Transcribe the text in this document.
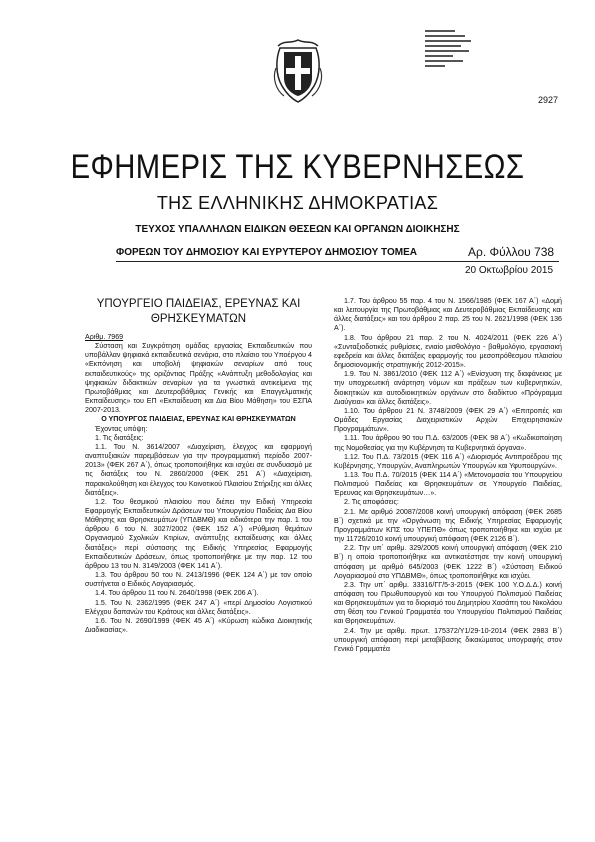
2927
ΕΦΗΜΕΡΙΣ ΤΗΣ ΚΥΒΕΡΝΗΣΕΩΣ
ΤΗΣ ΕΛΛΗΝΙΚΗΣ ΔΗΜΟΚΡΑΤΙΑΣ
ΤΕΥΧΟΣ ΥΠΑΛΛΗΛΩΝ ΕΙΔΙΚΩΝ ΘΕΣΕΩΝ ΚΑΙ ΟΡΓΑΝΩΝ ΔΙΟΙΚΗΣΗΣ
ΦΟΡΕΩΝ ΤΟΥ ΔΗΜΟΣΙΟΥ ΚΑΙ ΕΥΡΥΤΕΡΟΥ ΔΗΜΟΣΙΟΥ ΤΟΜΕΑ	Αρ. Φύλλου 738
20 Οκτωβρίου 2015

ΥΠΟΥΡΓΕΙΟ ΠΑΙΔΕΙΑΣ, ΕΡΕΥΝΑΣ ΚΑΙ ΘΡΗΣΚΕΥΜΑΤΩΝ

Αριθμ. 7969

Σύσταση και Συγκρότηση ομάδας εργασίας Εκπαιδευτικών που υποβάλλαν ψηφιακά εκπαιδευτικά σενάρια, στο πλαίσιο του Υποέργου 4 «Εκπόνηση και υποβολή ψηφιακών σεναρίων από τους εκπαιδευτικούς» της οριζόντιας Πράξης «Ανάπτυξη μεθοδολογίας και ψηφιακών διδακτικών σεναρίων για τα γνωστικά αντικείμενα της Πρωτοβάθμιας και Δευτεροβάθμιας Γενικής και Επαγγελματικής Εκπαίδευσης» του ΕΠ «Εκπαίδευση και Δια Βίου Μάθηση» του ΕΣΠΑ 2007-2013.

Ο ΥΠΟΥΡΓΟΣ ΠΑΙΔΕΙΑΣ, ΕΡΕΥΝΑΣ ΚΑΙ ΘΡΗΣΚΕΥΜΑΤΩΝ

Έχοντας υπόψη:

1. Τις διατάξεις:

1.1. Του Ν. 3614/2007 «Διαχείριση, έλεγχος και εφαρμογή αναπτυξιακών παρεμβάσεων για την προγραμματική περίοδο 2007-2013» (ΦΕΚ 267 Α΄), όπως τροποποιήθηκε και ισχύει σε συνδυασμό με τις διατάξεις του Ν. 2860/2000 (ΦΕΚ 251 Α΄) «Διαχείριση, παρακολούθηση και έλεγχος του Κοινοτικού Πλαισίου Στήριξης και άλλες διατάξεις».

1.2. Του θεσμικού πλαισίου που διέπει την Ειδική Υπηρεσία Εφαρμογής Εκπαιδευτικών Δράσεων του Υπουργείου Παιδείας Δια Βίου Μάθησης και Θρησκευμάτων (ΥΠΔΒΜΘ) και ειδικότερα την παρ. 1 του άρθρου 6 του Ν. 3027/2002 (ΦΕΚ 152 Α΄) «Ρύθμιση θεμάτων Οργανισμού Σχολικών Κτιρίων, ανάπτυξης εκπαίδευσης και άλλες διατάξεις» περί σύστασης της Ειδικής Υπηρεσίας Εφαρμογής Εκπαιδευτικών Δράσεων, όπως τροποποιήθηκε με την παρ. 12 του άρθρου 13 του Ν. 3149/2003 (ΦΕΚ 141 Α΄).

1.3. Του άρθρου 50 του Ν. 2413/1996 (ΦΕΚ 124 Α΄) με τον οποίο συστήνεται ο Ειδικός Λογαριασμός.

1.4. Του άρθρου 11 του Ν. 2640/1998 (ΦΕΚ 206 Α΄).

1.5. Του Ν. 2362/1995 (ΦΕΚ 247 Α΄) «περί Δημοσίου Λογιστικού Ελέγχου δαπανών του Κράτους και άλλες διατάξεις».

1.6. Του Ν. 2690/1999 (ΦΕΚ 45 Α΄) «Κύρωση κώδικα Διοικητικής Διαδικασίας».

1.7. Του άρθρου 55 παρ. 4 του Ν. 1566/1985 (ΦΕΚ 167 Α΄) «Δομή και λειτουργία της Πρωτοβάθμιας και Δευτεροβάθμιας Εκπαίδευσης και άλλες διατάξεις» και του άρθρου 2 παρ. 25 του Ν. 2621/1998 (ΦΕΚ 136 Α΄).

1.8. Του άρθρου 21 παρ. 2 του Ν. 4024/2011 (ΦΕΚ 226 Α΄) «Συνταξιοδοτικές ρυθμίσεις, ενιαίο μισθολόγιο - βαθμολόγιο, εργασιακή εφεδρεία και άλλες διατάξεις εφαρμογής του μεσοπρόθεσμου πλαισίου δημοσιονομικής στρατηγικής 2012-2015».

1.9. Του Ν. 3861/2010 (ΦΕΚ 112 Α΄) «Ενίσχυση της διαφάνειας με την υποχρεωτική ανάρτηση νόμων και πράξεων των κυβερνητικών, διοικητικών και αυτοδιοικητικών οργάνων στο διαδίκτυο «Πρόγραμμα Διαύγεια» και άλλες διατάξεις».

1.10. Του άρθρου 21 Ν. 3748/2009 (ΦΕΚ 29 Α΄) «Επιτροπές και Ομάδες Εργασίας Διαχειριστικών Αρχών Επιχειρησιακών Προγραμμάτων».

1.11. Του άρθρου 90 του Π.Δ. 63/2005 (ΦΕΚ 98 Α΄) «Κωδικοποίηση της Νομοθεσίας για την Κυβέρνηση τα Κυβερνητικά όργανα».

1.12. Του Π.Δ. 73/2015 (ΦΕΚ 116 Α΄) «Διορισμός Αντιπροέδρου της Κυβέρνησης, Υπουργών, Αναπληρωτών Υπουργών και Υφυπουργών».

1.13. Του Π.Δ. 70/2015 (ΦΕΚ 114 Α΄) «Μετονομασία του Υπουργείου Πολιτισμού Παιδείας και Θρησκευμάτων σε Υπουργείο Παιδείας, Έρευνας και Θρησκευμάτων…».

2. Τις αποφάσεις:

2.1. Με αριθμό 20087/2008 κοινή υπουργική απόφαση (ΦΕΚ 2685 Β΄) σχετικά με την «Οργάνωση της Ειδικής Υπηρεσίας Εφαρμογής Προγραμμάτων ΚΠΣ του ΥΠΕΠΘ» όπως τροποποιήθηκε και ισχύει με την 11726/2010 κοινή υπουργική απόφαση (ΦΕΚ 2126 Β΄).

2.2. Την υπ΄ αριθμ. 329/2005 κοινή υπουργική απόφαση (ΦΕΚ 210 Β΄) η οποία τροποποιήθηκε και αντικατέστησε την κοινή υπουργική απόφαση με αριθμό 645/2003 (ΦΕΚ 1222 Β΄) «Σύσταση Ειδικού Λογαριασμού στο ΥΠΔΒΜΘ», όπως τροποποιήθηκε και ισχύει.

2.3. Την υπ΄ αριθμ. 33316/ΓΓ/5-3-2015 (ΦΕΚ 100 Υ.Ο.Δ.Δ.) κοινή απόφαση του Πρωθυπουργού και του Υπουργού Πολιτισμού Παιδείας και Θρησκευμάτων για το διορισμό του Δημητρίου Χασάπη του Νικολάου στη θέση του Γενικού Γραμματέα του Υπουργείου Πολιτισμού Παιδείας και Θρησκευμάτων.

2.4. Την με αριθμ. πρωτ. 175372/Υ1/29-10-2014 (ΦΕΚ 2983 Β΄) υπουργική απόφαση περί μεταβίβασης δικαιώματος υπογραφής στον Γενικό Γραμματέα
